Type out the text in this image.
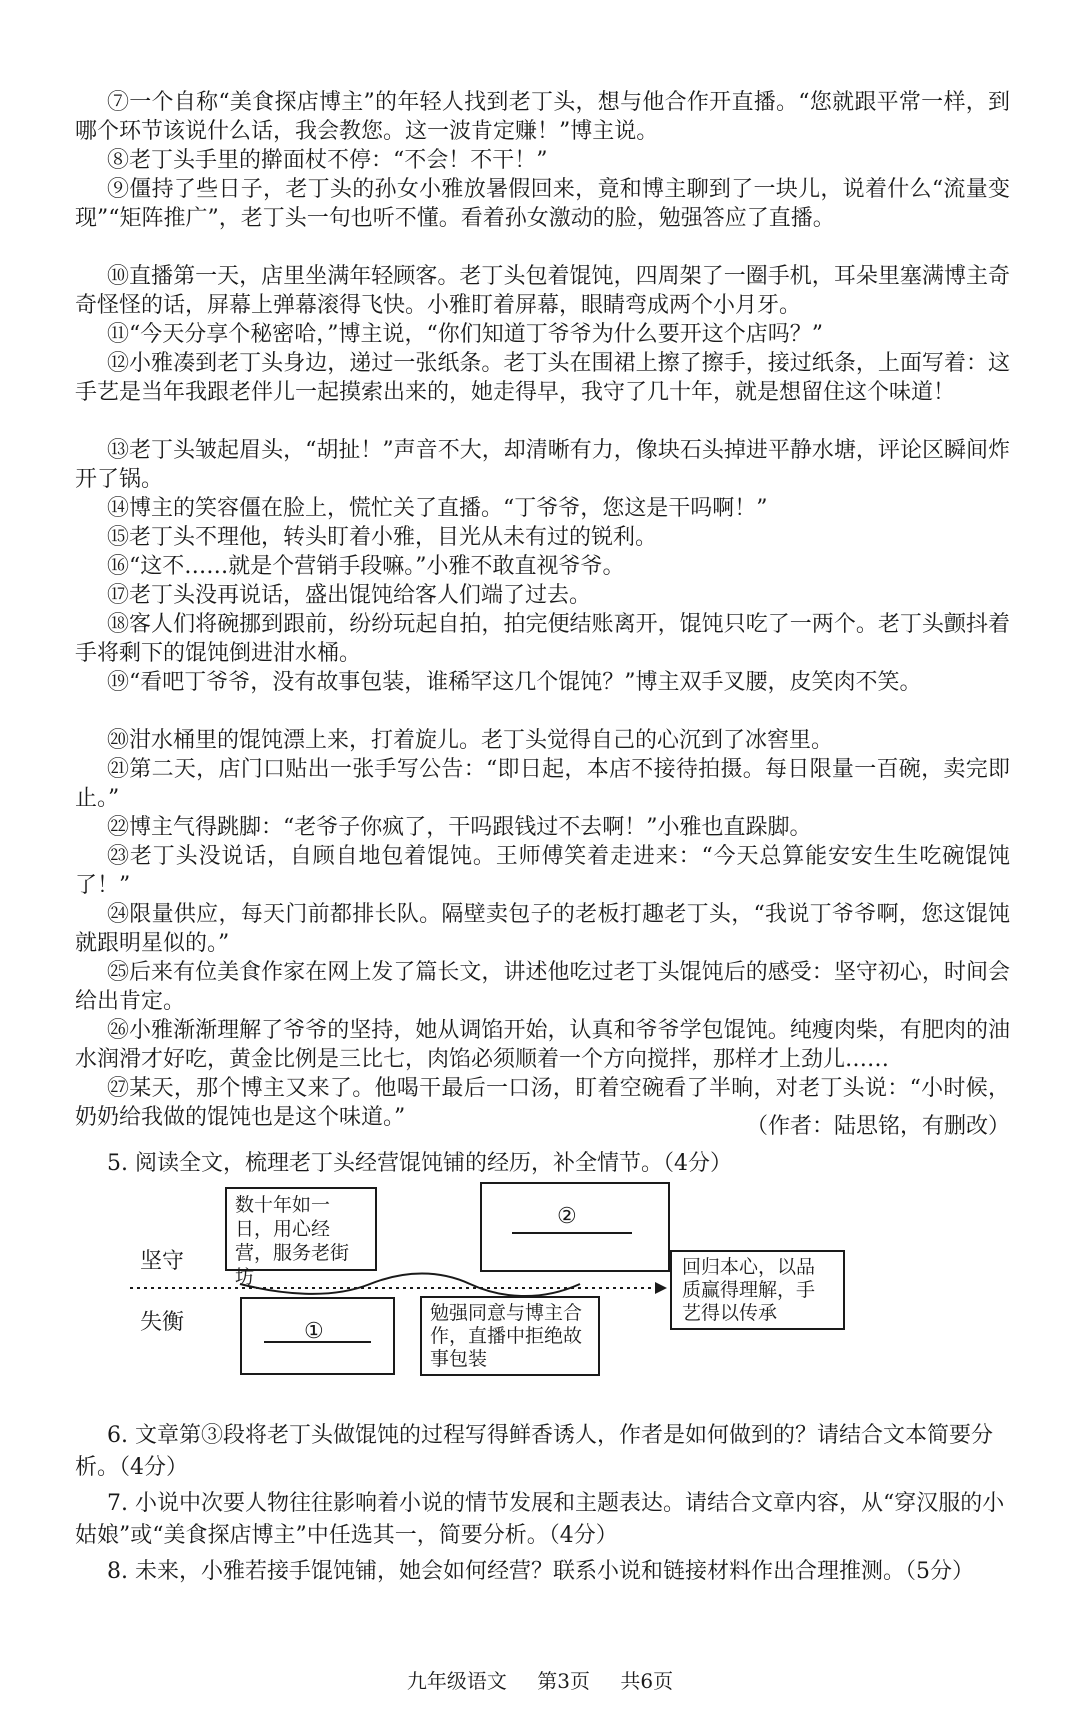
⑦一个自称“美食探店博主”的年轻人找到老丁头，想与他合作开直播。“您就跟平常一样，到哪个环节该说什么话，我会教您。这一波肯定赚！”博主说。

⑧老丁头手里的擀面杖不停：“不会！不干！”

⑨僵持了些日子，老丁头的孙女小雅放暑假回来，竟和博主聊到了一块儿，说着什么“流量变现”“矩阵推广”，老丁头一句也听不懂。看着孙女激动的脸，勉强答应了直播。

⑩直播第一天，店里坐满年轻顾客。老丁头包着馄饨，四周架了一圈手机，耳朵里塞满博主奇奇怪怪的话，屏幕上弹幕滚得飞快。小雅盯着屏幕，眼睛弯成两个小月牙。

⑪“今天分享个秘密哈，”博主说，“你们知道丁爷爷为什么要开这个店吗？”

⑫小雅凑到老丁头身边，递过一张纸条。老丁头在围裙上擦了擦手，接过纸条，上面写着：这手艺是当年我跟老伴儿一起摸索出来的，她走得早，我守了几十年，就是想留住这个味道！

⑬老丁头皱起眉头，“胡扯！”声音不大，却清晰有力，像块石头掉进平静水塘，评论区瞬间炸开了锅。

⑭博主的笑容僵在脸上，慌忙关了直播。“丁爷爷，您这是干吗啊！”

⑮老丁头不理他，转头盯着小雅，目光从未有过的锐利。

⑯“这不……就是个营销手段嘛。”小雅不敢直视爷爷。

⑰老丁头没再说话，盛出馄饨给客人们端了过去。

⑱客人们将碗挪到跟前，纷纷玩起自拍，拍完便结账离开，馄饨只吃了一两个。老丁头颤抖着手将剩下的馄饨倒进泔水桶。

⑲“看吧丁爷爷，没有故事包装，谁稀罕这几个馄饨？”博主双手叉腰，皮笑肉不笑。

⑳泔水桶里的馄饨漂上来，打着旋儿。老丁头觉得自己的心沉到了冰窖里。

㉑第二天，店门口贴出一张手写公告：“即日起，本店不接待拍摄。每日限量一百碗，卖完即止。”

㉒博主气得跳脚：“老爷子你疯了，干吗跟钱过不去啊！”小雅也直跺脚。

㉓老丁头没说话，自顾自地包着馄饨。王师傅笑着走进来：“今天总算能安安生生吃碗馄饨了！”

㉔限量供应，每天门前都排长队。隔壁卖包子的老板打趣老丁头，“我说丁爷爷啊，您这馄饨就跟明星似的。”

㉕后来有位美食作家在网上发了篇长文，讲述他吃过老丁头馄饨后的感受：坚守初心，时间会给出肯定。

㉖小雅渐渐理解了爷爷的坚持，她从调馅开始，认真和爷爷学包馄饨。纯瘦肉柴，有肥肉的油水润滑才好吃，黄金比例是三比七，肉馅必须顺着一个方向搅拌，那样才上劲儿……

㉗某天，那个博主又来了。他喝干最后一口汤，盯着空碗看了半晌，对老丁头说：“小时候，奶奶给我做的馄饨也是这个味道。”	（作者：陆思铭，有删改）

5. 阅读全文，梳理老丁头经营馄饨铺的经历，补全情节。（4分）

坚守
失衡
数十年如一日，用心经营，服务老街坊
②
①
勉强同意与博主合作，直播中拒绝故事包装
回归本心，以品质赢得理解，手艺得以传承

6. 文章第③段将老丁头做馄饨的过程写得鲜香诱人，作者是如何做到的？请结合文本简要分析。（4分）

7. 小说中次要人物往往影响着小说的情节发展和主题表达。请结合文章内容，从“穿汉服的小姑娘”或“美食探店博主”中任选其一，简要分析。（4分）

8. 未来，小雅若接手馄饨铺，她会如何经营？联系小说和链接材料作出合理推测。（5分）

九年级语文 第3页 共6页
